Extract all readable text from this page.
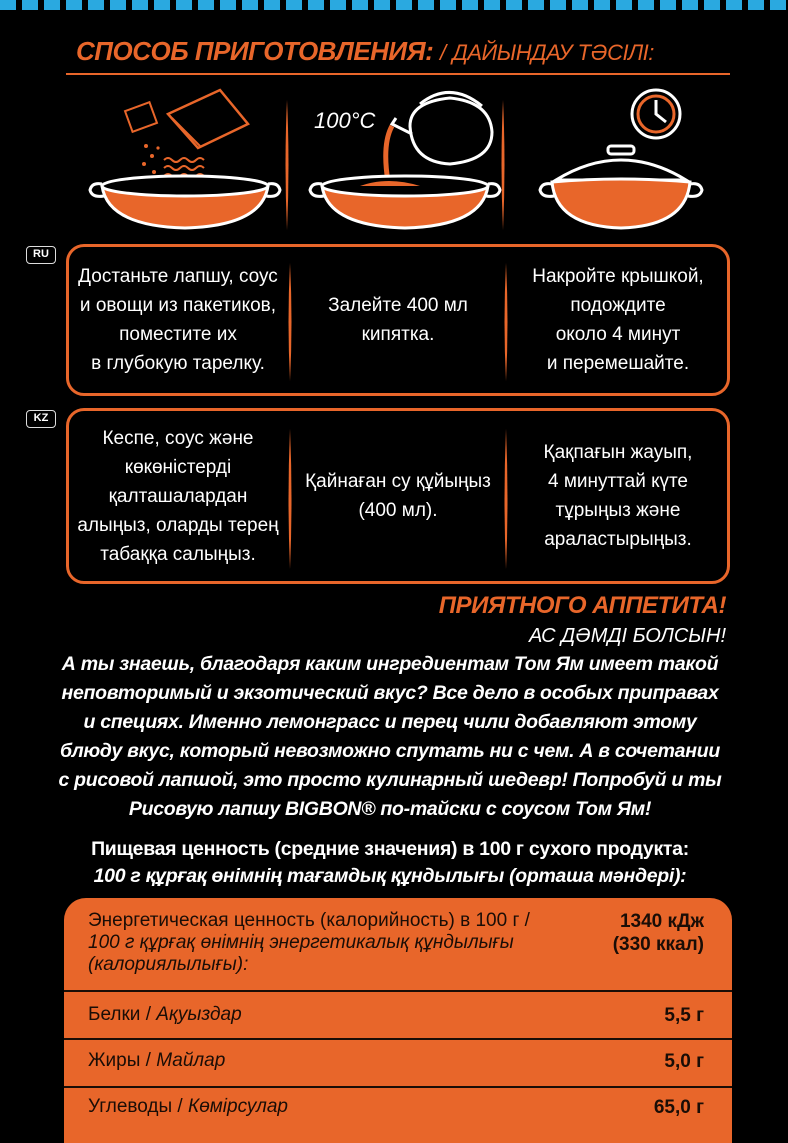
СПОСОБ ПРИГОТОВЛЕНИЯ: / ДАЙЫНДАУ ТӘСІЛІ:
100°C
RU
Достаньте лапшу, соус
и овощи из пакетиков,
поместите их
в глубокую тарелку.
Залейте 400 мл
кипятка.
Накройте крышкой,
подождите
около 4 минут
и перемешайте.
KZ
Кеспе, соус және
көкөністерді
қалташалардан
алыңыз, оларды терең
табаққа салыңыз.
Қайнаған су құйыңыз
(400 мл).
Қақпағын жауып,
4 минуттай күте
тұрыңыз және
араластырыңыз.
ПРИЯТНОГО АППЕТИТА!
АС ДӘМДІ БОЛСЫН!
А ты знаешь, благодаря каким ингредиентам Том Ям имеет такой
неповторимый и экзотический вкус? Все дело в особых приправах
и специях. Именно лемонграсс и перец чили добавляют этому
блюду вкус, который невозможно спутать ни с чем. А в сочетании
с рисовой лапшой, это просто кулинарный шедевр! Попробуй и ты
Рисовую лапшу BIGBON® по-тайски с соусом Том Ям!
Пищевая ценность (средние значения) в 100 г сухого продукта:
100 г құрғақ өнімнің тағамдық құндылығы (орташа мәндері):
Энергетическая ценность (калорийность) в 100 г /
100 г құрғақ өнімнің энергетикалық құндылығы
(калориялылығы):
1340 кДж
(330 ккал)
Белки / Ақуыздар	5,5 г
Жиры / Майлар	5,0 г
Углеводы / Көмірсулар	65,0 г
